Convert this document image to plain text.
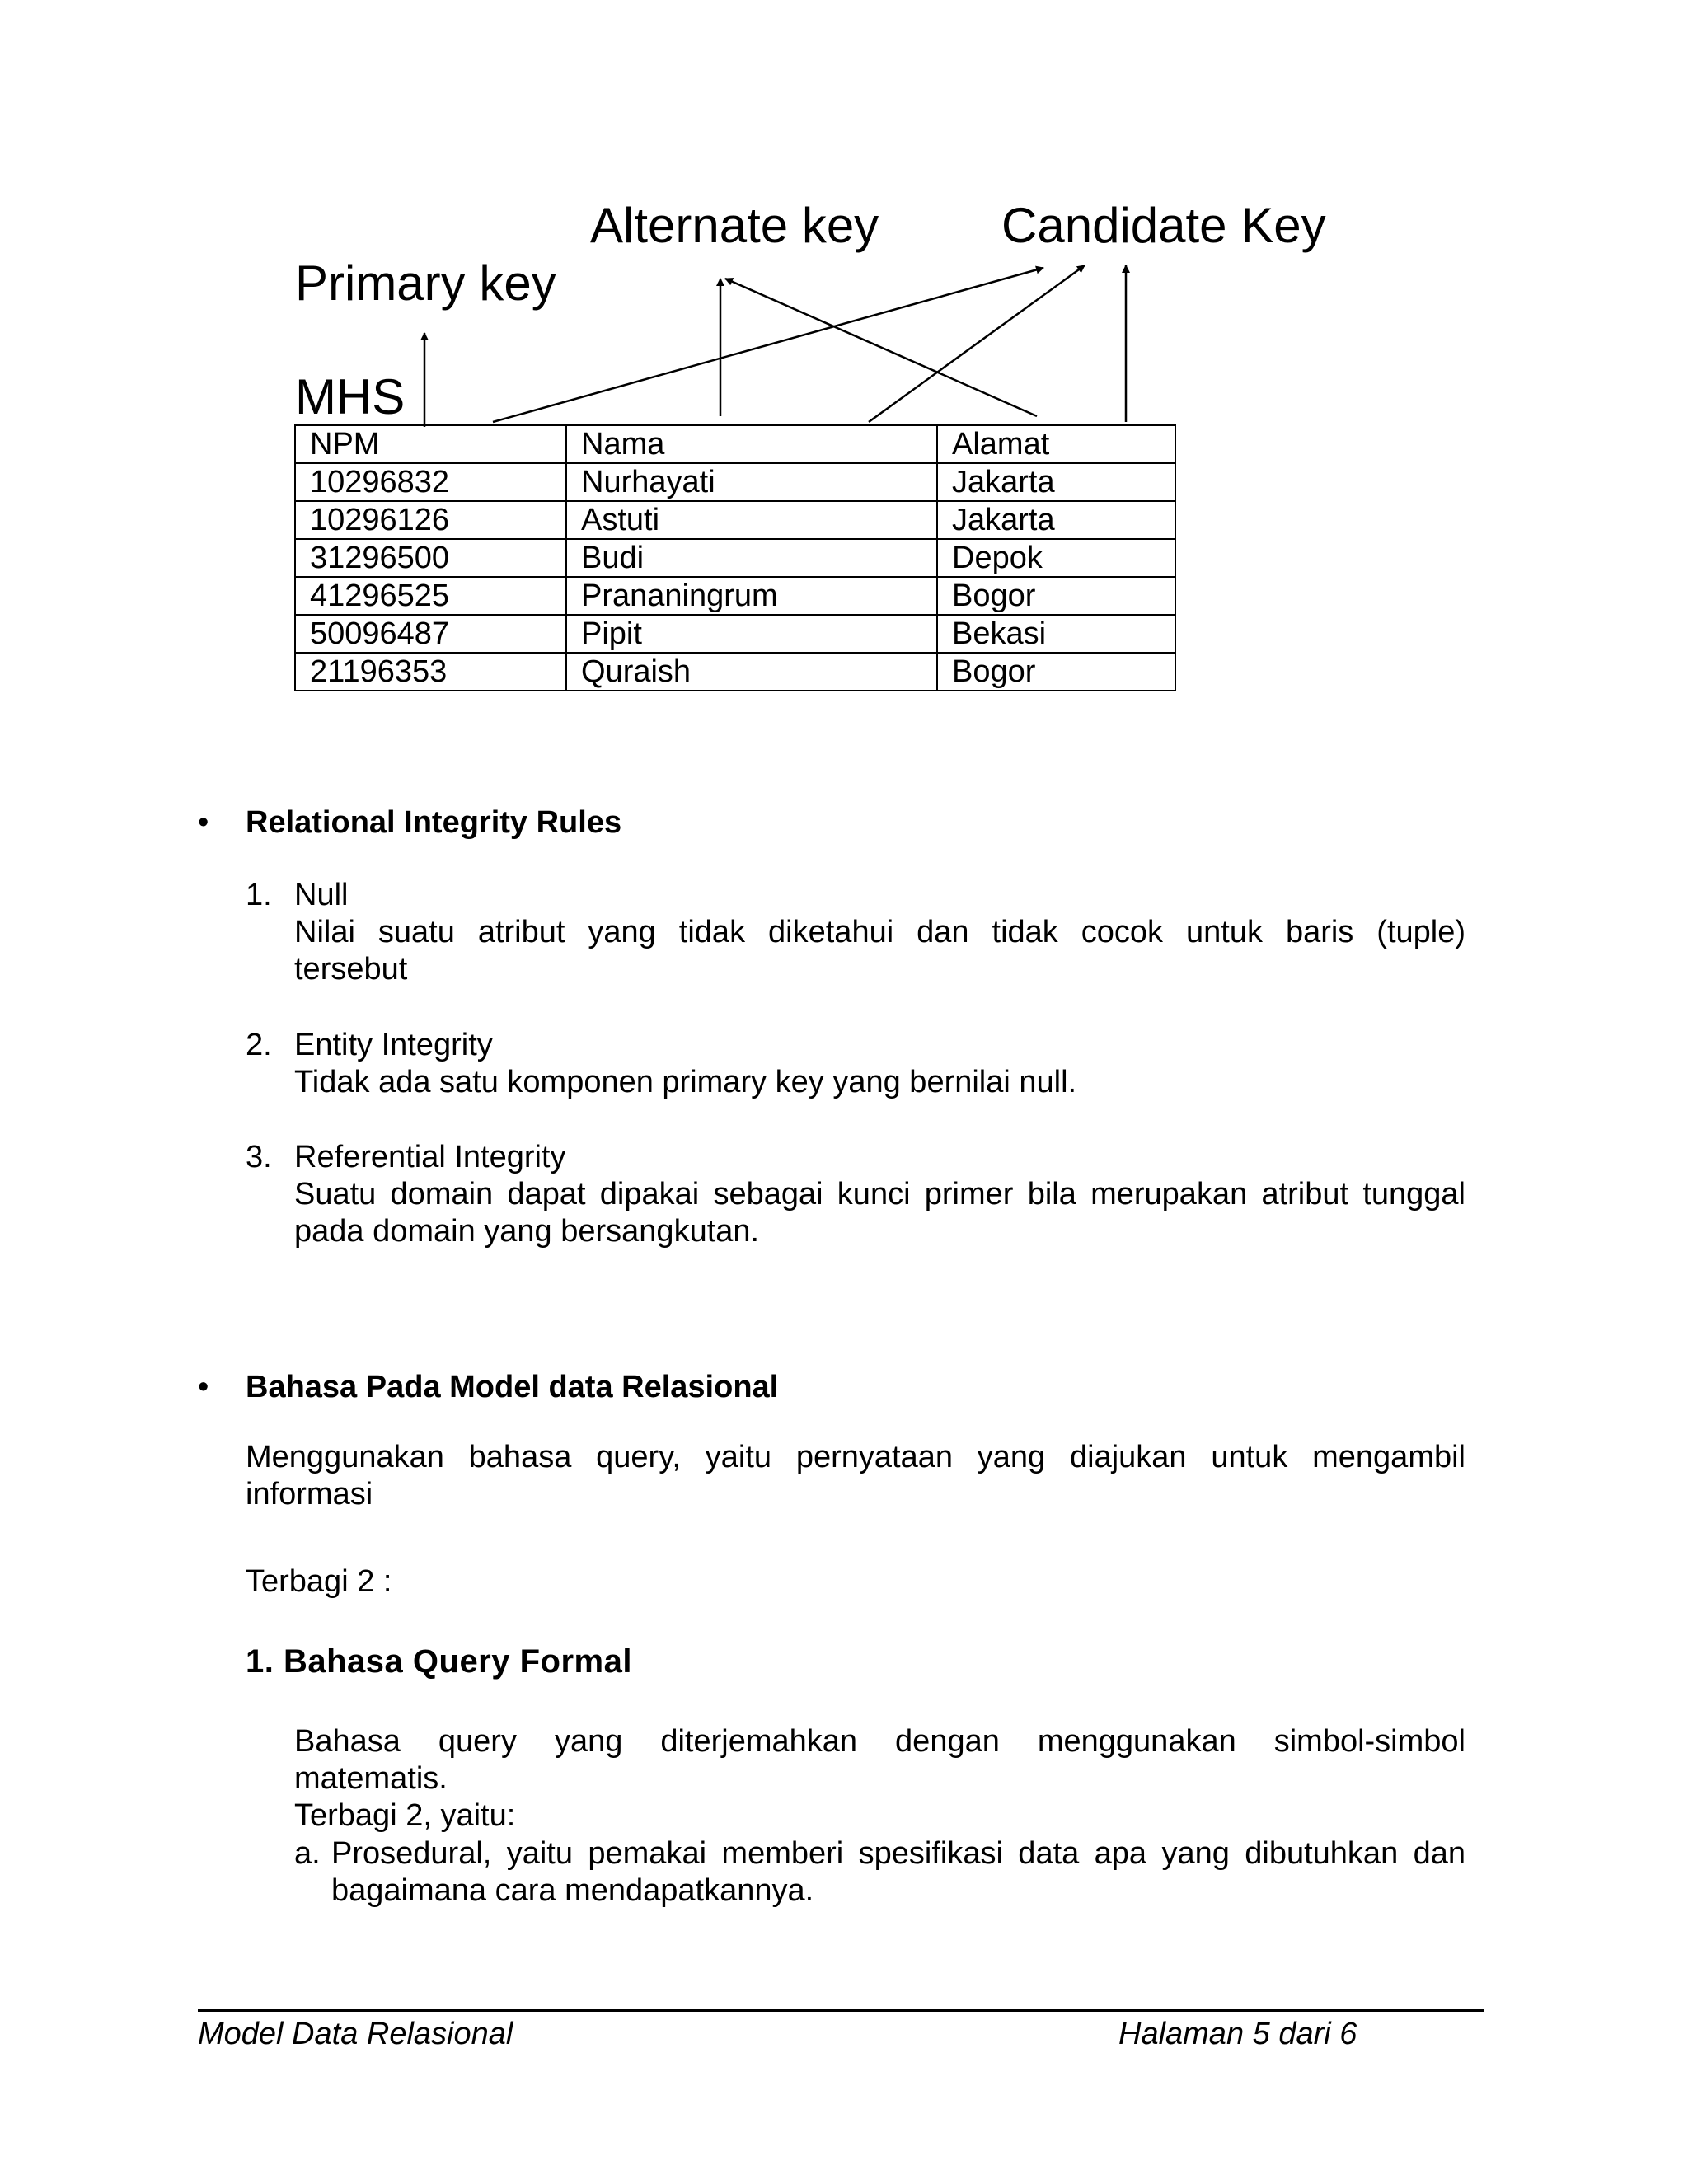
Alternate key Candidate Key
Primary key
MHS
NPM	Nama	Alamat
10296832	Nurhayati	Jakarta
10296126	Astuti	Jakarta
31296500	Budi	Depok
41296525	Prananingrum	Bogor
50096487	Pipit	Bekasi
21196353	Quraish	Bogor
• Relational Integrity Rules
1. Null
Nilai suatu atribut yang tidak diketahui dan tidak cocok untuk baris (tuple)
tersebut
2. Entity Integrity
Tidak ada satu komponen primary key yang bernilai null.
3. Referential Integrity
Suatu domain dapat dipakai sebagai kunci primer bila merupakan atribut tunggal
pada domain yang bersangkutan.
• Bahasa Pada Model data Relasional
Menggunakan bahasa query, yaitu pernyataan yang diajukan untuk mengambil
informasi
Terbagi 2 :
1. Bahasa Query Formal
Bahasa query yang diterjemahkan dengan menggunakan simbol-simbol
matematis.
Terbagi 2, yaitu:
a. Prosedural, yaitu pemakai memberi spesifikasi data apa yang dibutuhkan dan
bagaimana cara mendapatkannya.
Model Data Relasional	Halaman 5 dari 6
